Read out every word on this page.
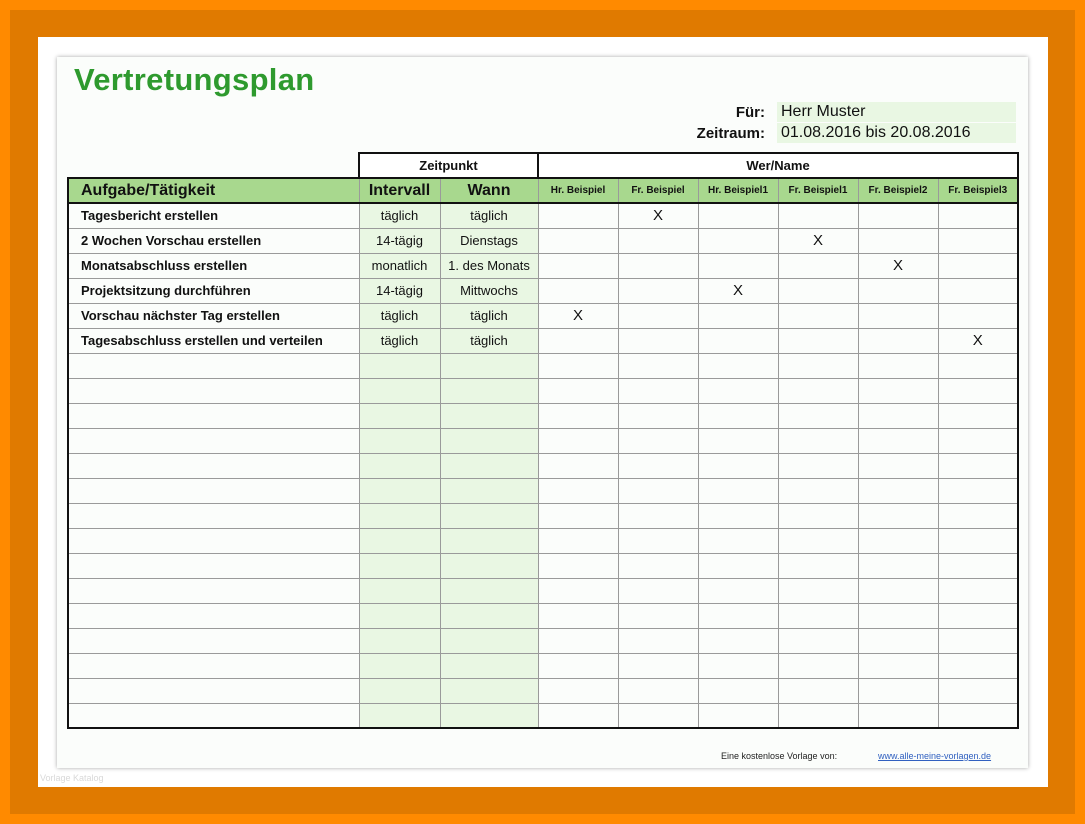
Vertretungsplan
Für: Herr Muster
Zeitraum: 01.08.2016 bis 20.08.2016
	Zeitpunkt		Wer/Name					
Aufgabe/Tätigkeit	Intervall	Wann	Hr. Beispiel	Fr. Beispiel	Hr. Beispiel1	Fr. Beispiel1	Fr. Beispiel2	Fr. Beispiel3
Tagesbericht erstellen	täglich	täglich		X				
2 Wochen Vorschau erstellen	14-tägig	Dienstags				X		
Monatsabschluss erstellen	monatlich	1. des Monats					X	
Projektsitzung durchführen	14-tägig	Mittwochs			X			
Vorschau nächster Tag erstellen	täglich	täglich	X					
Tagesabschluss erstellen und verteilen	täglich	täglich						X

Eine kostenlose Vorlage von:	www.alle-meine-vorlagen.de
Vorlage Katalog
